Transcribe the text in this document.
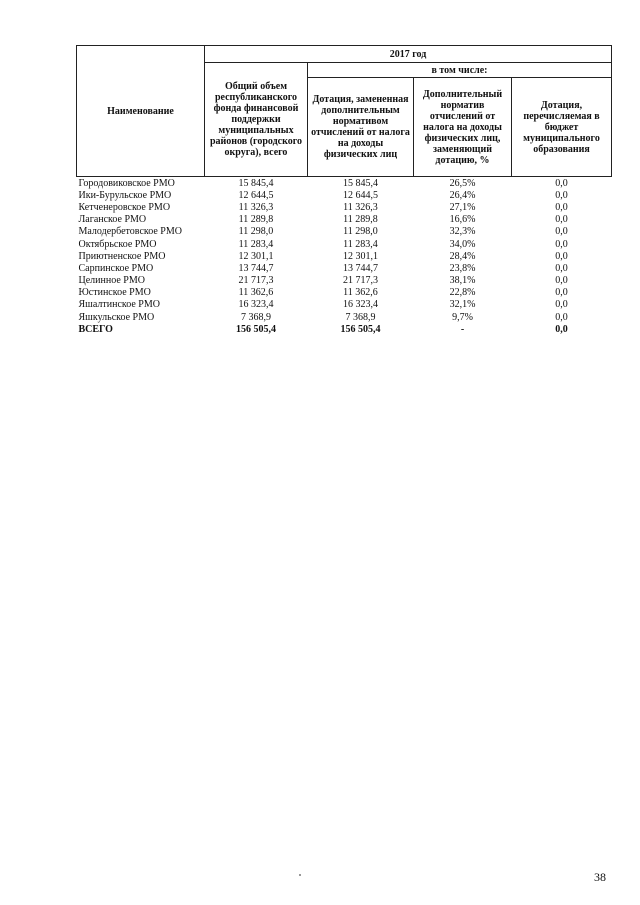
Наименование	2017 год			
	Общий объем республиканского фонда финансовой поддержки муниципальных районов (городского округа), всего	в том числе:		
		Дотация, замененная дополнительным нормативом отчислений от налога на доходы физических лиц	Дополнительный норматив отчислений от налога на доходы физических лиц, заменяющий дотацию, %	Дотация, перечисляемая в бюджет муниципального образования
Городовиковское РМО	15 845,4	15 845,4	26,5%	0,0
Ики-Бурульское РМО	12 644,5	12 644,5	26,4%	0,0
Кетченеровское РМО	11 326,3	11 326,3	27,1%	0,0
Лаганское РМО	11 289,8	11 289,8	16,6%	0,0
Малодербетовское РМО	11 298,0	11 298,0	32,3%	0,0
Октябрьское РМО	11 283,4	11 283,4	34,0%	0,0
Приютненское РМО	12 301,1	12 301,1	28,4%	0,0
Сарпинское РМО	13 744,7	13 744,7	23,8%	0,0
Целинное РМО	21 717,3	21 717,3	38,1%	0,0
Юстинское РМО	11 362,6	11 362,6	22,8%	0,0
Яшалтинское РМО	16 323,4	16 323,4	32,1%	0,0
Яшкульское РМО	7 368,9	7 368,9	9,7%	0,0
ВСЕГО	156 505,4	156 505,4	-	0,0
38
